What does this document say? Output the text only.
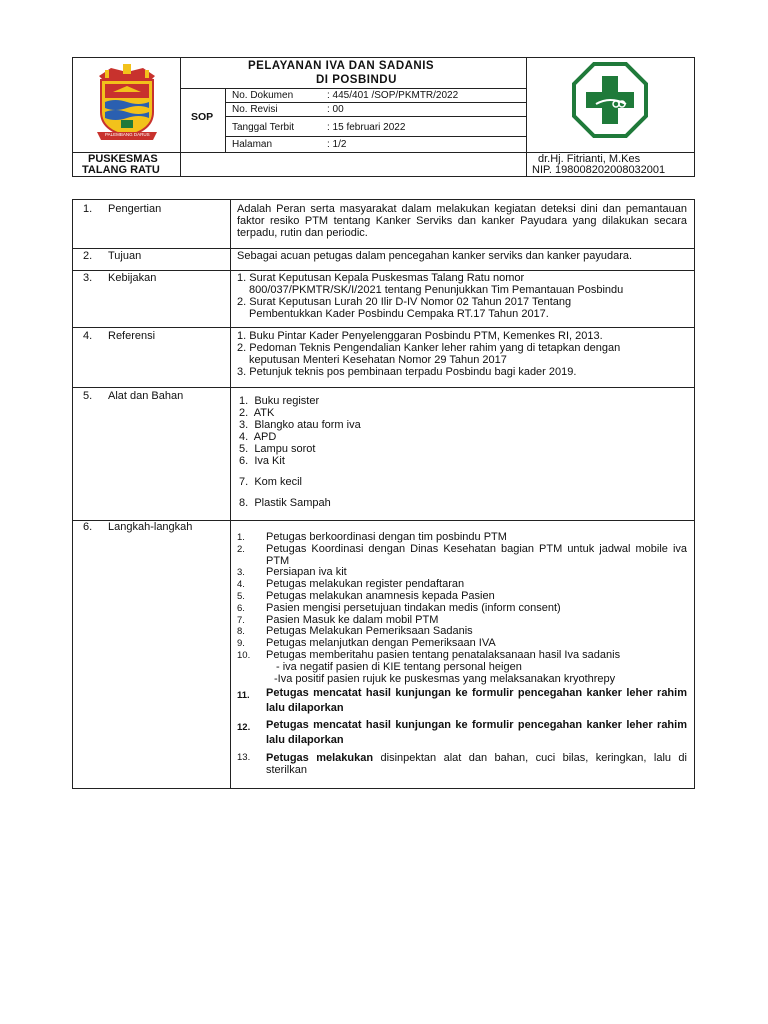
PALEMBANG DARUS
PELAYANAN IVA DAN SADANIS
DI POSBINDU
SOP
No. Dokumen	: 445/401 /SOP/PKMTR/2022
No. Revisi	: 00
Tanggal Terbit	: 15 februari 2022
Halaman	: 1/2
PUSKESMAS
TALANG RATU
dr.Hj. Fitrianti, M.Kes
NIP. 198008202008032001
1. Pengertian	Adalah Peran serta masyarakat dalam melakukan kegiatan deteksi dini dan pemantauan faktor resiko PTM tentang Kanker Serviks dan kanker Payudara yang dilakukan secara terpadu, rutin dan periodic.
2. Tujuan	Sebagai acuan petugas dalam pencegahan kanker serviks dan kanker payudara.
3. Kebijakan	1. Surat Keputusan Kepala Puskesmas Talang Ratu nomor
800/037/PKMTR/SK/I/2021 tentang Penunjukkan Tim Pemantauan Posbindu
2. Surat Keputusan Lurah 20 Ilir D-IV Nomor 02 Tahun 2017 Tentang
Pembentukkan Kader Posbindu Cempaka RT.17 Tahun 2017.
4. Referensi	1. Buku Pintar Kader Penyelenggaran Posbindu PTM, Kemenkes RI, 2013.
2. Pedoman Teknis Pengendalian Kanker leher rahim yang di tetapkan dengan
keputusan Menteri Kesehatan Nomor 29 Tahun 2017
3. Petunjuk teknis pos pembinaan terpadu Posbindu bagi kader 2019.
5. Alat dan Bahan	1. Buku register
2. ATK
3. Blangko atau form iva
4. APD
5. Lampu sorot
6. Iva Kit
7. Kom kecil
8. Plastik Sampah
6. Langkah-langkah
1. Petugas berkoordinasi dengan tim posbindu PTM
2.	Petugas Koordinasi dengan Dinas Kesehatan bagian PTM untuk jadwal mobile iva PTM
3. Persiapan iva kit
4. Petugas melakukan register pendaftaran
5. Petugas melakukan anamnesis kepada Pasien
6. Pasien mengisi persetujuan tindakan medis (inform consent)
7. Pasien Masuk ke dalam mobil PTM
8. Petugas Melakukan Pemeriksaan Sadanis
9. Petugas melanjutkan dengan Pemeriksaan IVA
10. Petugas memberitahu pasien tentang penatalaksanaan hasil Iva sadanis
- iva negatif pasien di KIE tentang personal heigen
-Iva positif pasien rujuk ke puskesmas yang melaksanakan kryothrepy
11.	Petugas mencatat hasil kunjungan ke formulir pencegahan kanker leher rahim lalu dilaporkan
12.	Petugas mencatat hasil kunjungan ke formulir pencegahan kanker leher rahim lalu dilaporkan
13.	Petugas melakukan disinpektan alat dan bahan, cuci bilas, keringkan, lalu di sterilkan
